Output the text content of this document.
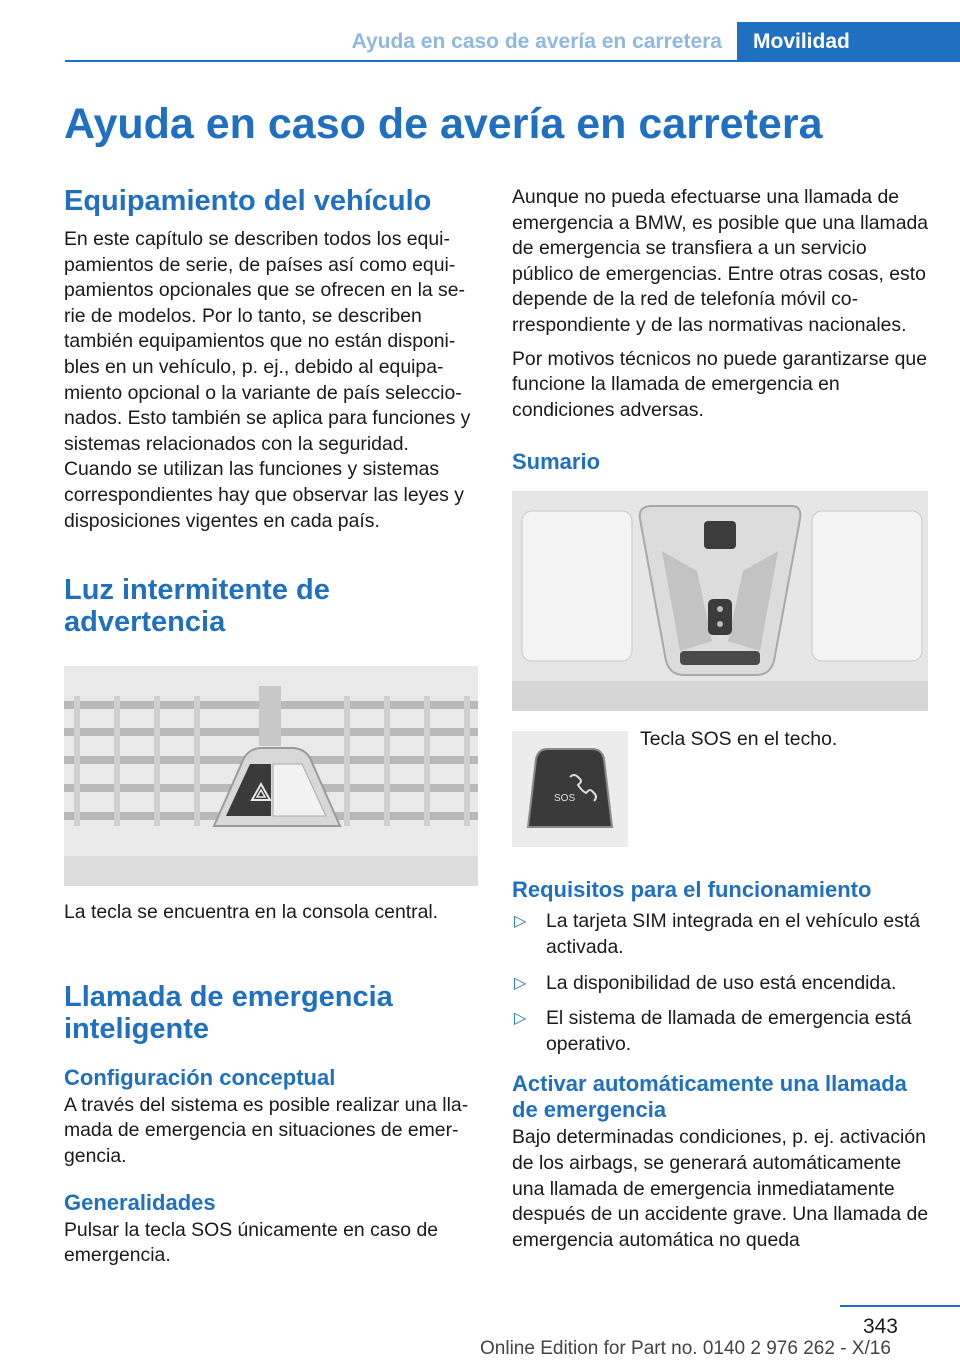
Ayuda en caso de avería en carretera	Movilidad
Ayuda en caso de avería en carretera
Equipamiento del vehículo

En este capítulo se describen todos los equipamientos de serie, de países así como equipamientos opcionales que se ofrecen en la serie de modelos. Por lo tanto, se describen también equipamientos que no están disponibles en un vehículo, p. ej., debido al equipamiento opcional o la variante de país seleccionados. Esto también se aplica para funciones y sistemas relacionados con la seguridad. Cuando se utilizan las funciones y sistemas correspondientes hay que observar las leyes y disposiciones vigentes en cada país.

Luz intermitente de advertencia

La tecla se encuentra en la consola central.

Llamada de emergencia inteligente
Configuración conceptual

A través del sistema es posible realizar una llamada de emergencia en situaciones de emergencia.

Generalidades

Pulsar la tecla SOS únicamente en caso de emergencia.

Aunque no pueda efectuarse una llamada de emergencia a BMW, es posible que una llamada de emergencia se transfiera a un servicio público de emergencias. Entre otras cosas, esto depende de la red de telefonía móvil correspondiente y de las normativas nacionales.

Por motivos técnicos no puede garantizarse que funcione la llamada de emergencia en condiciones adversas.

Sumario
SOS

Tecla SOS en el techo.

Requisitos para el funcionamiento
▷ La tarjeta SIM integrada en el vehículo está activada.
▷ La disponibilidad de uso está encendida.
▷ El sistema de llamada de emergencia está operativo.
Activar automáticamente una llamada de emergencia

Bajo determinadas condiciones, p. ej. activación de los airbags, se generará automáticamente una llamada de emergencia inmediatamente después de un accidente grave. Una llamada de emergencia automática no queda

343
Online Edition for Part no. 0140 2 976 262 - X/16
